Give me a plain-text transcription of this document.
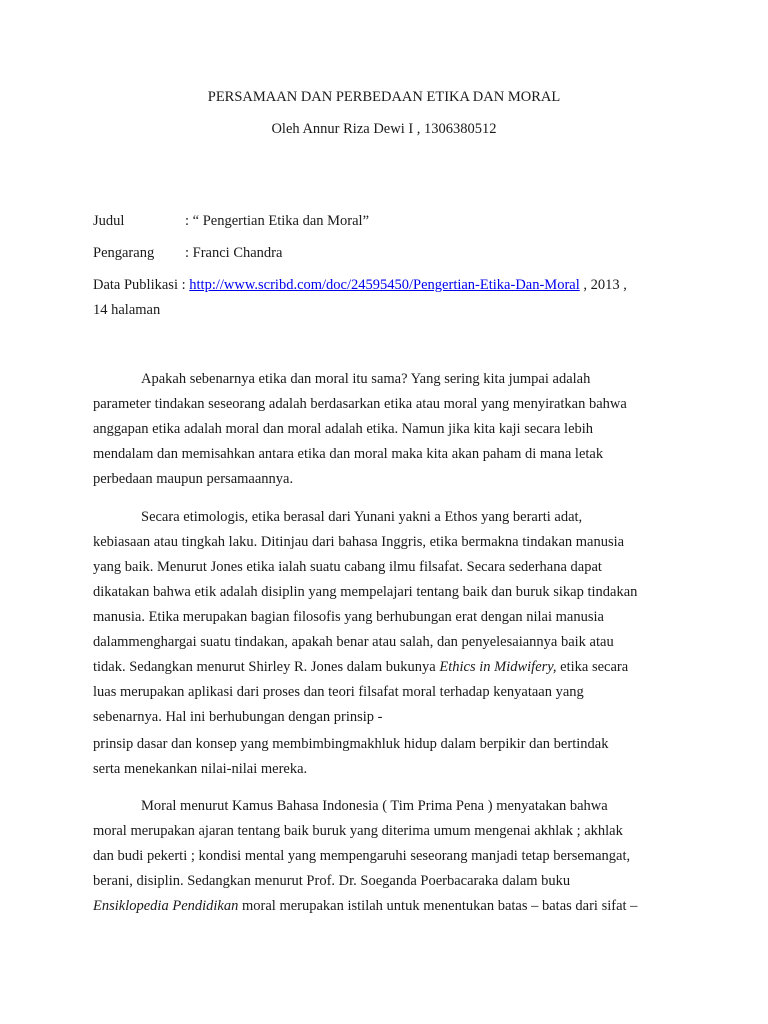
PERSAMAAN DAN PERBEDAAN ETIKA DAN MORAL
Oleh Annur Riza Dewi I , 1306380512
Judul	: “ Pengertian Etika dan Moral”
Pengarang : Franci Chandra
Data Publikasi : http://www.scribd.com/doc/24595450/Pengertian-Etika-Dan-Moral , 2013 ,
14 halaman
Apakah sebenarnya etika dan moral itu sama? Yang sering kita jumpai adalah
parameter tindakan seseorang adalah berdasarkan etika atau moral yang menyiratkan bahwa
anggapan etika adalah moral dan moral adalah etika. Namun jika kita kaji secara lebih
mendalam dan memisahkan antara etika dan moral maka kita akan paham di mana letak
perbedaan maupun persamaannya.
Secara etimologis, etika berasal dari Yunani yakni a Ethos yang berarti adat,
kebiasaan atau tingkah laku. Ditinjau dari bahasa Inggris, etika bermakna tindakan manusia
yang baik. Menurut Jones etika ialah suatu cabang ilmu filsafat. Secara sederhana dapat
dikatakan bahwa etik adalah disiplin yang mempelajari tentang baik dan buruk sikap tindakan
manusia. Etika merupakan bagian filosofis yang berhubungan erat dengan nilai manusia
dalammenghargai suatu tindakan, apakah benar atau salah, dan penyelesaiannya baik atau
tidak. Sedangkan menurut Shirley R. Jones dalam bukunya Ethics in Midwifery, etika secara
luas merupakan aplikasi dari proses dan teori filsafat moral terhadap kenyataan yang
sebenarnya. Hal ini berhubungan dengan prinsip -
prinsip dasar dan konsep yang membimbingmakhluk hidup dalam berpikir dan bertindak
serta menekankan nilai-nilai mereka.
Moral menurut Kamus Bahasa Indonesia ( Tim Prima Pena ) menyatakan bahwa
moral merupakan ajaran tentang baik buruk yang diterima umum mengenai akhlak ; akhlak
dan budi pekerti ; kondisi mental yang mempengaruhi seseorang manjadi tetap bersemangat,
berani, disiplin. Sedangkan menurut Prof. Dr. Soeganda Poerbacaraka dalam buku
Ensiklopedia Pendidikan moral merupakan istilah untuk menentukan batas – batas dari sifat –
